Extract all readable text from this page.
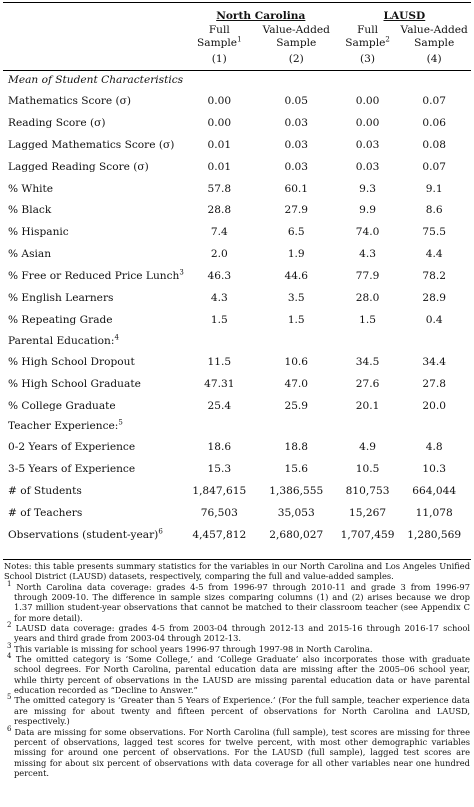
	North Carolina		LAUSD	
	Full	Value-Added	Full	Value-Added
	Sample$^1$	Sample	Sample$^2$	Sample
	(1)	(2)	(3)	(4)
Mean of Student Characteristics				
Mathematics Score (σ)	0.00	0.05	0.00	0.07
Reading Score (σ)	0.00	0.03	0.00	0.06
Lagged Mathematics Score (σ)	0.01	0.03	0.03	0.08
Lagged Reading Score (σ)	0.01	0.03	0.03	0.07
% White	57.8	60.1	9.3	9.1
% Black	28.8	27.9	9.9	8.6
% Hispanic	7.4	6.5	74.0	75.5
% Asian	2.0	1.9	4.3	4.4
% Free or Reduced Price Lunch$^3$	46.3	44.6	77.9	78.2
% English Learners	4.3	3.5	28.0	28.9
% Repeating Grade	1.5	1.5	1.5	0.4
Parental Education:$^4$
% High School Dropout	11.5	10.6	34.5	34.4
% High School Graduate	47.31	47.0	27.6	27.8
% College Graduate	25.4	25.9	20.1	20.0
Teacher Experience:$^5$
0-2 Years of Experience	18.6	18.8	4.9	4.8
3-5 Years of Experience	15.3	15.6	10.5	10.3
# of Students	1,847,615	1,386,555	810,753	664,044
# of Teachers	76,503	35,053	15,267	11,078
Observations (student-year)$^6$	4,457,812	2,680,027	1,707,459	1,280,569

Notes: this table presents summary statistics for the variables in our North Carolina and Los Angeles Unified School District (LAUSD) datasets, respectively, comparing the full and value-added samples.

$^1$ North Carolina data coverage: grades 4-5 from 1996-97 through 2010-11 and grade 3 from 1996-97 through 2009-10. The difference in sample sizes comparing columns (1) and (2) arises because we drop 1.37 million student-year observations that cannot be matched to their classroom teacher (see Appendix C for more detail).

$^2$ LAUSD data coverage: grades 4-5 from 2003-04 through 2012-13 and 2015-16 through 2016-17 school years and third grade from 2003-04 through 2012-13.

$^3$ This variable is missing for school years 1996-97 through 1997-98 in North Carolina.

$^4$ The omitted category is ‘Some College,’ and ‘College Graduate’ also incorporates those with graduate school degrees. For North Carolina, parental education data are missing after the 2005–06 school year, while thirty percent of observations in the LAUSD are missing parental education data or have parental education recorded as “Decline to Answer.”

$^5$ The omitted category is ‘Greater than 5 Years of Experience.’ (For the full sample, teacher experience data are missing for about twenty and fifteen percent of observations for North Carolina and LAUSD, respectively.)

$^6$ Data are missing for some observations. For North Carolina (full sample), test scores are missing for three percent of observations, lagged test scores for twelve percent, with most other demographic variables missing for around one percent of observations. For the LAUSD (full sample), lagged test scores are missing for about six percent of observations with data coverage for all other variables near one hundred percent.
